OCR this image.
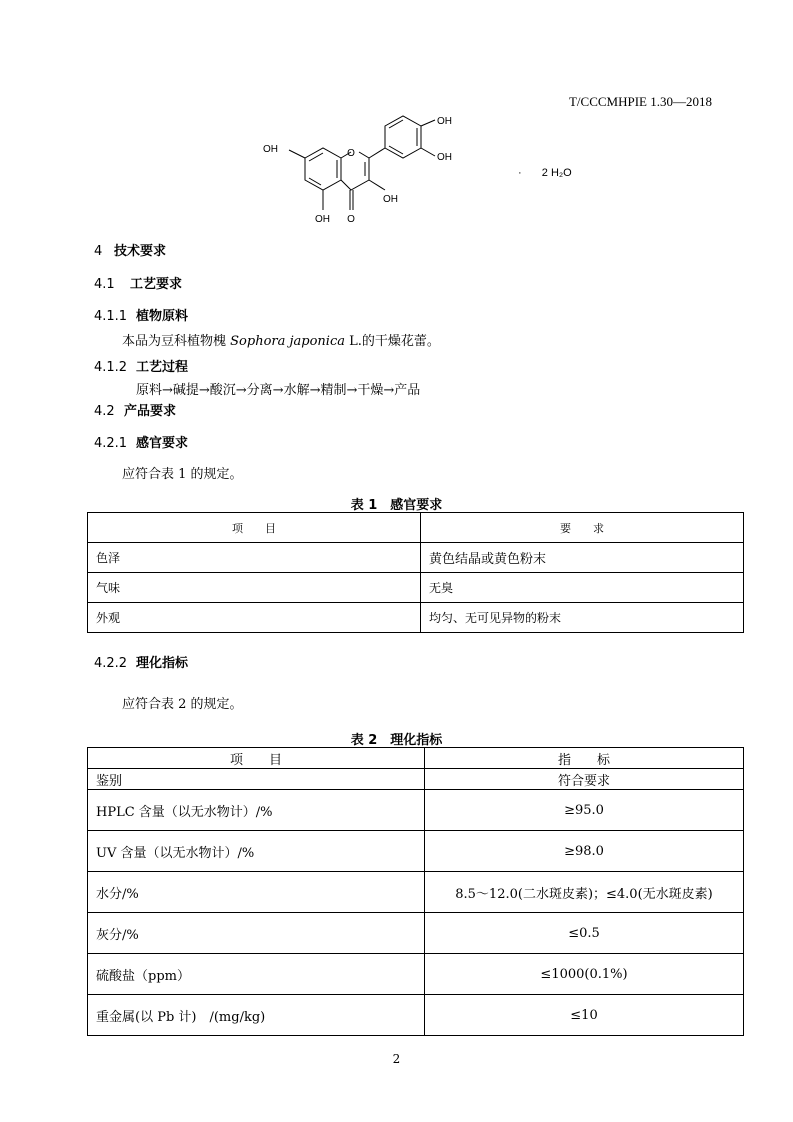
T/CCCMHPIE 1.30—2018
O
O
OH
OH
OH
OH
OH
· 2 H₂O
4 技术要求
4.1 工艺要求
4.1.1 植物原料
本品为豆科植物槐 Sophora japonica L.的干燥花蕾。
4.1.2 工艺过程
原料→碱提→酸沉→分离→水解→精制→干燥→产品
4.2 产品要求
4.2.1 感官要求
应符合表 1 的规定。
表 1　感官要求
项　　目	要　　求
色泽	黄色结晶或黄色粉末
气味	无臭
外观	均匀、无可见异物的粉末
4.2.2 理化指标
应符合表 2 的规定。
表 2　理化指标
项　　目	指　　标
鉴别	符合要求
HPLC 含量（以无水物计）/%	≥95.0
UV 含量（以无水物计）/%	≥98.0
水分/%	8.5～12.0(二水斑皮素)；≤4.0(无水斑皮素)
灰分/%	≤0.5
硫酸盐（ppm）	≤1000(0.1%)
重金属(以 Pb 计)　/(mg/kg)	≤10
2
